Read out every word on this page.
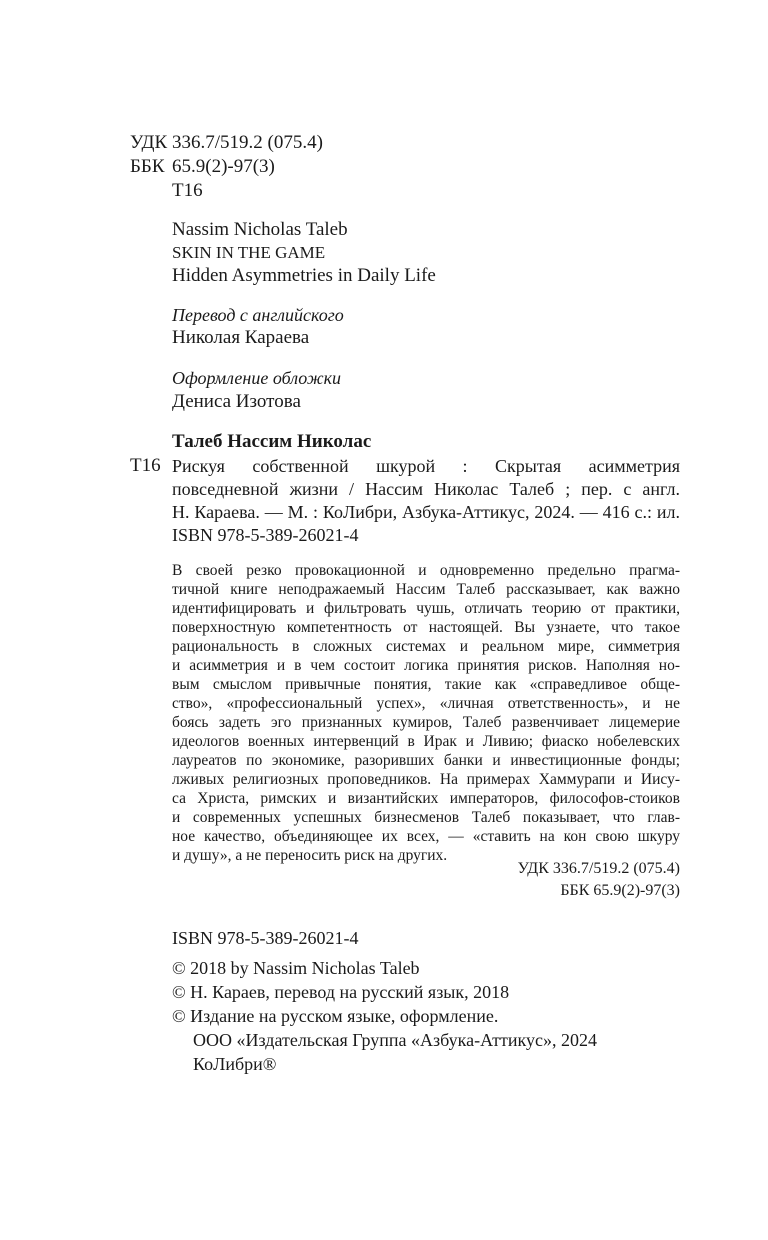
УДК 336.7/519.2 (075.4)
ББК 65.9(2)-97(3)
Т16
Nassim Nicholas Taleb
SKIN IN THE GAME
Hidden Asymmetries in Daily Life
Перевод с английского
Николая Караева
Оформление обложки
Дениса Изотова
Талеб Нассим Николас
Т16 Рискуя собственной шкурой : Скрытая асимметрия
повседневной жизни / Нассим Николас Талеб ; пер. с англ.
Н. Караева. — М. : КоЛибри, Азбука-Аттикус, 2024. — 416 с.: ил.
ISBN 978-5-389-26021-4
В своей резко провокационной и одновременно предельно прагма-
тичной книге неподражаемый Нассим Талеб рассказывает, как важно
идентифицировать и фильтровать чушь, отличать теорию от практики,
поверхностную компетентность от настоящей. Вы узнаете, что такое
рациональность в сложных системах и реальном мире, симметрия
и асимметрия и в чем состоит логика принятия рисков. Наполняя но-
вым смыслом привычные понятия, такие как «справедливое обще-
ство», «профессиональный успех», «личная ответственность», и не
боясь задеть эго признанных кумиров, Талеб развенчивает лицемерие
идеологов военных интервенций в Ирак и Ливию; фиаско нобелевских
лауреатов по экономике, разоривших банки и инвестиционные фонды;
лживых религиозных проповедников. На примерах Хаммурапи и Иису-
са Христа, римских и византийских императоров, философов-стоиков
и современных успешных бизнесменов Талеб показывает, что глав-
ное качество, объединяющее их всех, — «ставить на кон свою шкуру
и душу», а не переносить риск на других.
УДК 336.7/519.2 (075.4)
ББК 65.9(2)-97(3)
ISBN 978-5-389-26021-4
© 2018 by Nassim Nicholas Taleb
© Н. Караев, перевод на русский язык, 2018
© Издание на русском языке, оформление.
ООО «Издательская Группа «Азбука-Аттикус», 2024
КоЛибри®
